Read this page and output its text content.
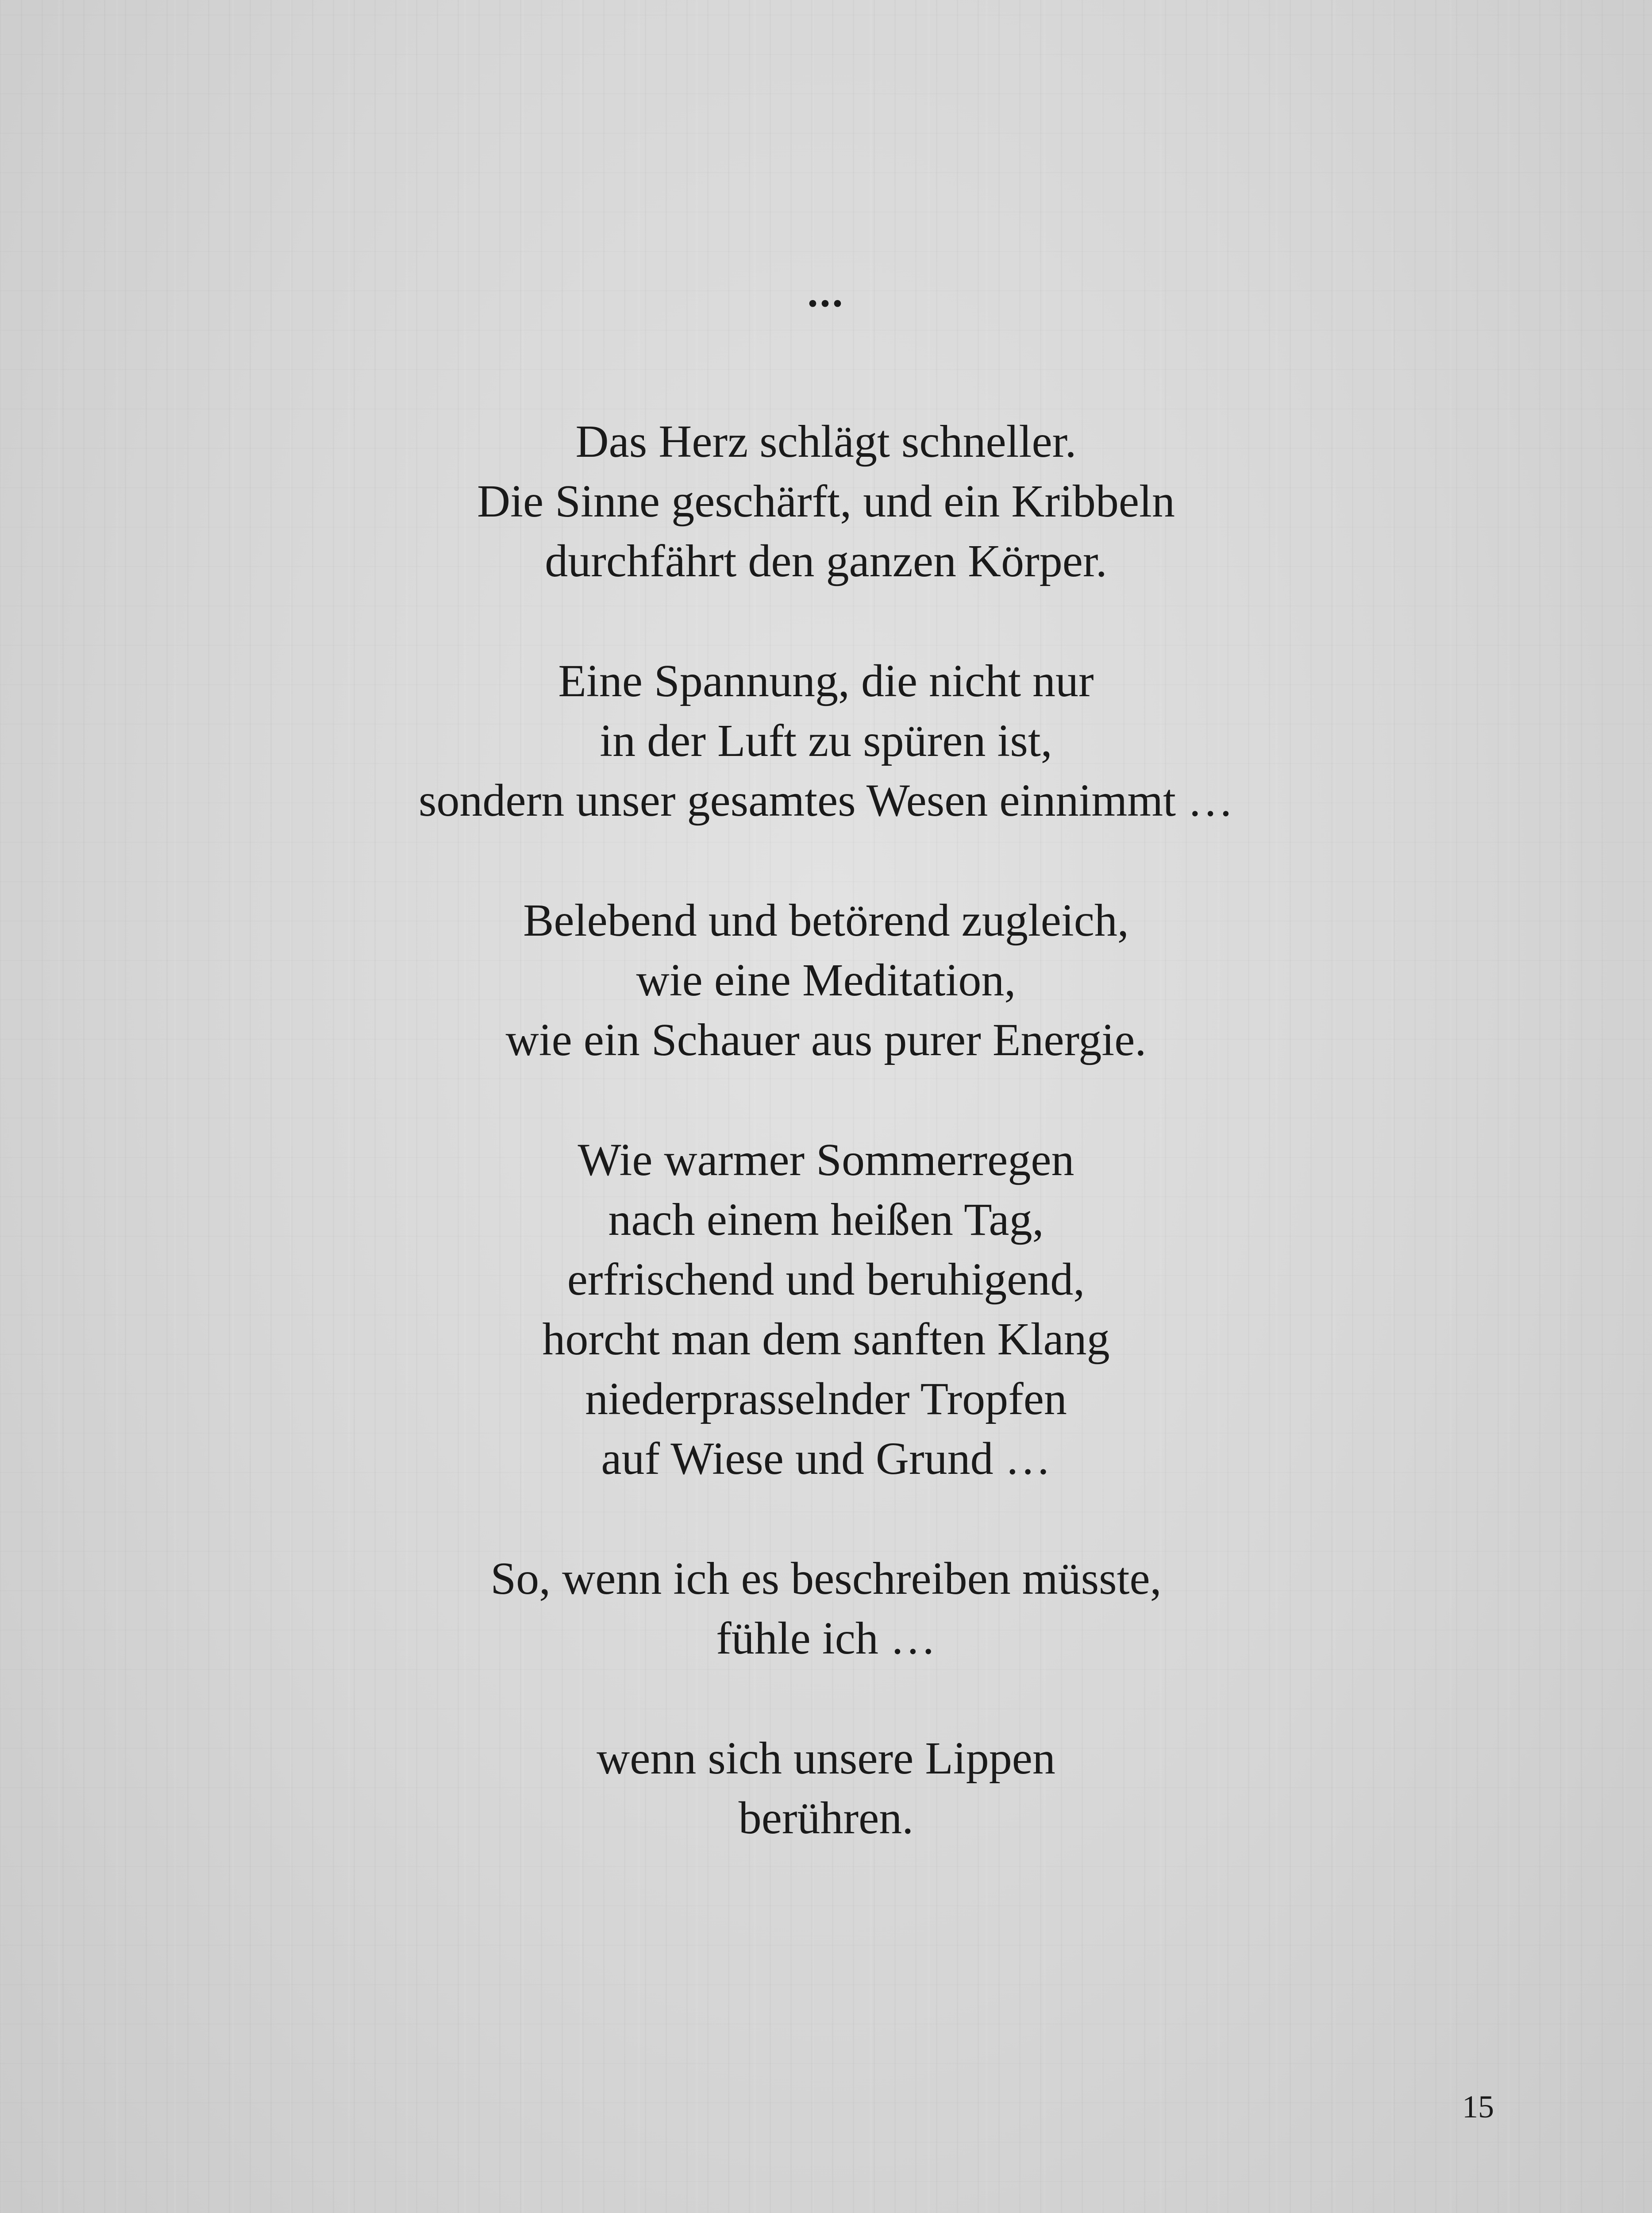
...
Das Herz schlägt schneller.
Die Sinne geschärft, und ein Kribbeln
durchfährt den ganzen Körper.
Eine Spannung, die nicht nur
in der Luft zu spüren ist,
sondern unser gesamtes Wesen einnimmt …
Belebend und betörend zugleich,
wie eine Meditation,
wie ein Schauer aus purer Energie.
Wie warmer Sommerregen
nach einem heißen Tag,
erfrischend und beruhigend,
horcht man dem sanften Klang
niederprasselnder Tropfen
auf Wiese und Grund …
So, wenn ich es beschreiben müsste,
fühle ich …
wenn sich unsere Lippen
berühren.
15
